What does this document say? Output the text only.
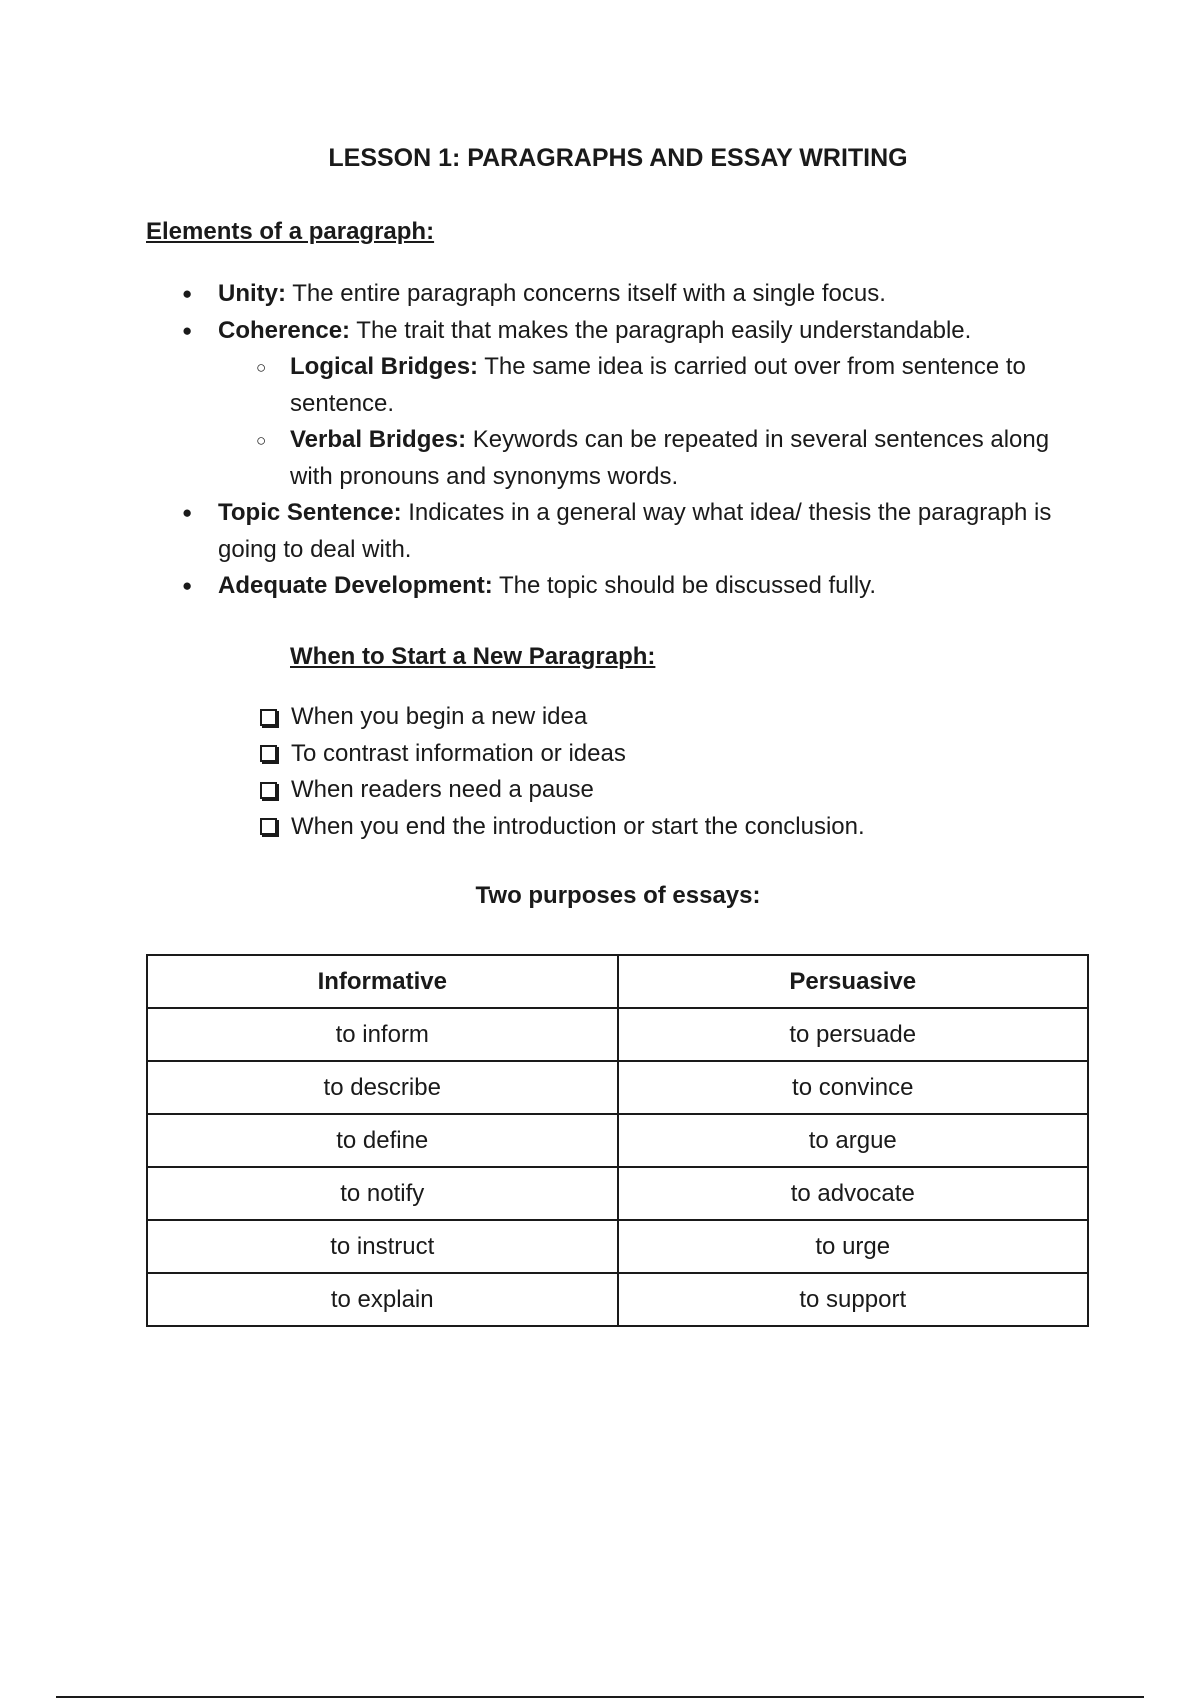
LESSON 1: PARAGRAPHS AND ESSAY WRITING
Elements of a paragraph:
● Unity: The entire paragraph concerns itself with a single focus.
● Coherence: The trait that makes the paragraph easily understandable.
○ Logical Bridges: The same idea is carried out over from sentence to sentence.
○ Verbal Bridges: Keywords can be repeated in several sentences along with pronouns and synonyms words.
● Topic Sentence: Indicates in a general way what idea/ thesis the paragraph is going to deal with.
● Adequate Development: The topic should be discussed fully.
When to Start a New Paragraph:
When you begin a new idea
To contrast information or ideas
When readers need a pause
When you end the introduction or start the conclusion.
Two purposes of essays:
Informative	Persuasive
to inform	to persuade
to describe	to convince
to define	to argue
to notify	to advocate
to instruct	to urge
to explain	to support
